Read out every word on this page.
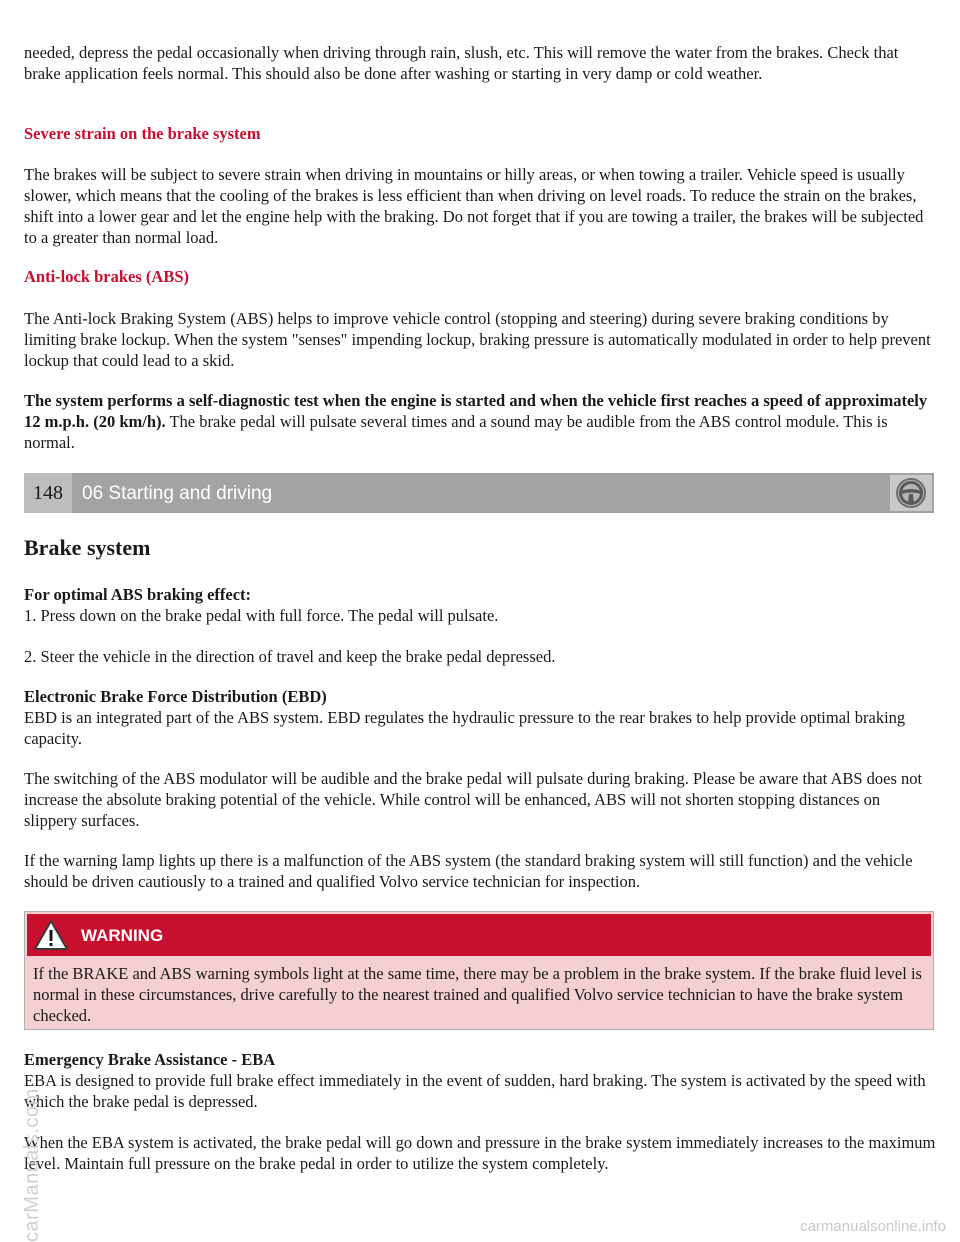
needed, depress the pedal occasionally when driving through rain, slush, etc. This will remove the water from the brakes. Check that brake application feels normal. This should also be done after washing or starting in very damp or cold weather.

Severe strain on the brake system

The brakes will be subject to severe strain when driving in mountains or hilly areas, or when towing a trailer. Vehicle speed is usually slower, which means that the cooling of the brakes is less efficient than when driving on level roads. To reduce the strain on the brakes, shift into a lower gear and let the engine help with the braking. Do not forget that if you are towing a trailer, the brakes will be subjected to a greater than normal load.

Anti-lock brakes (ABS)

The Anti-lock Braking System (ABS) helps to improve vehicle control (stopping and steering) during severe braking conditions by limiting brake lockup. When the system "senses" impending lockup, braking pressure is automatically modulated in order to help prevent lockup that could lead to a skid.

The system performs a self-diagnostic test when the engine is started and when the vehicle first reaches a speed of approximately 12 m.p.h. (20 km/h). The brake pedal will pulsate several times and a sound may be audible from the ABS control module. This is normal.

148	06 Starting and driving
Brake system

For optimal ABS braking effect:

1. Press down on the brake pedal with full force. The pedal will pulsate.

2. Steer the vehicle in the direction of travel and keep the brake pedal depressed.

Electronic Brake Force Distribution (EBD)

EBD is an integrated part of the ABS system. EBD regulates the hydraulic pressure to the rear brakes to help provide optimal braking capacity.

The switching of the ABS modulator will be audible and the brake pedal will pulsate during braking. Please be aware that ABS does not increase the absolute braking potential of the vehicle. While control will be enhanced, ABS will not shorten stopping distances on slippery surfaces.

If the warning lamp lights up there is a malfunction of the ABS system (the standard braking system will still function) and the vehicle should be driven cautiously to a trained and qualified Volvo service technician for inspection.

WARNING

If the BRAKE and ABS warning symbols light at the same time, there may be a problem in the brake system. If the brake fluid level is normal in these circumstances, drive carefully to the nearest trained and qualified Volvo service technician to have the brake system checked.

Emergency Brake Assistance - EBA

EBA is designed to provide full brake effect immediately in the event of sudden, hard braking. The system is activated by the speed with which the brake pedal is depressed.

When the EBA system is activated, the brake pedal will go down and pressure in the brake system immediately increases to the maximum level. Maintain full pressure on the brake pedal in order to utilize the system completely.

carManuals.com	carmanualsonline.info
